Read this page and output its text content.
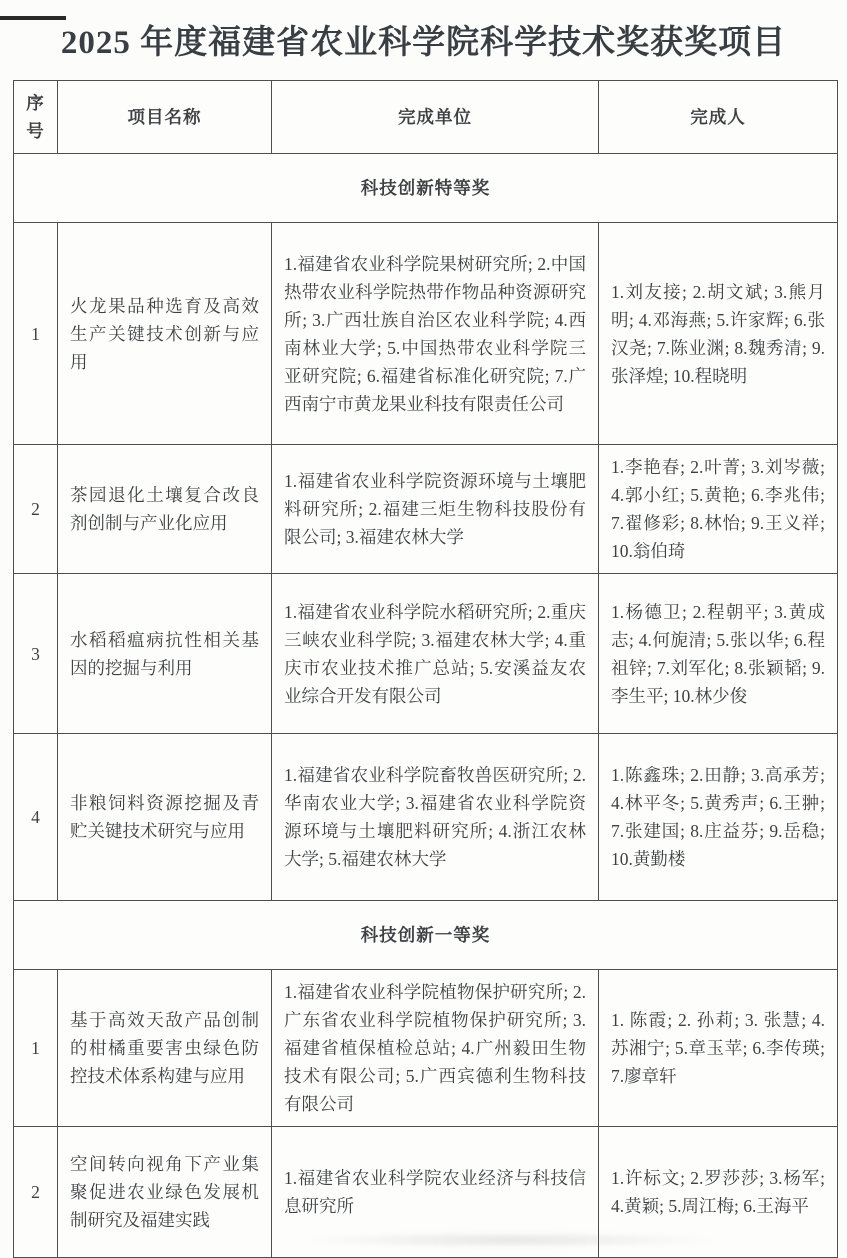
2025 年度福建省农业科学院科学技术奖获奖项目
序号	项目名称	完成单位	完成人
科技创新特等奖			
1	火龙果品种选育及高效生产关键技术创新与应用	1.福建省农业科学院果树研究所; 2.中国热带农业科学院热带作物品种资源研究所; 3.广西壮族自治区农业科学院; 4.西南林业大学; 5.中国热带农业科学院三亚研究院; 6.福建省标准化研究院; 7.广西南宁市黄龙果业科技有限责任公司	1.刘友接; 2.胡文斌; 3.熊月明; 4.邓海燕; 5.许家辉; 6.张汉尧; 7.陈业渊; 8.魏秀清; 9.张泽煌; 10.程晓明
2	茶园退化土壤复合改良剂创制与产业化应用	1.福建省农业科学院资源环境与土壤肥料研究所; 2.福建三炬生物科技股份有限公司; 3.福建农林大学	1.李艳春; 2.叶菁; 3.刘岑薇; 4.郭小红; 5.黄艳; 6.李兆伟; 7.翟修彩; 8.林怡; 9.王义祥; 10.翁伯琦
3	水稻稻瘟病抗性相关基因的挖掘与利用	1.福建省农业科学院水稻研究所; 2.重庆三峡农业科学院; 3.福建农林大学; 4.重庆市农业技术推广总站; 5.安溪益友农业综合开发有限公司	1.杨德卫; 2.程朝平; 3.黄成志; 4.何旎清; 5.张以华; 6.程祖锌; 7.刘军化; 8.张颖韬; 9.李生平; 10.林少俊
4	非粮饲料资源挖掘及青贮关键技术研究与应用	1.福建省农业科学院畜牧兽医研究所; 2.华南农业大学; 3.福建省农业科学院资源环境与土壤肥料研究所; 4.浙江农林大学; 5.福建农林大学	1.陈鑫珠; 2.田静; 3.高承芳; 4.林平冬; 5.黄秀声; 6.王翀; 7.张建国; 8.庄益芬; 9.岳稳; 10.黄勤楼
科技创新一等奖			
1	基于高效天敌产品创制的柑橘重要害虫绿色防控技术体系构建与应用	1.福建省农业科学院植物保护研究所; 2.广东省农业科学院植物保护研究所; 3.福建省植保植检总站; 4.广州毅田生物技术有限公司; 5.广西宾德利生物科技有限公司	1. 陈霞; 2. 孙莉; 3. 张慧; 4.苏湘宁; 5.章玉苹; 6.李传瑛; 7.廖章轩
2	空间转向视角下产业集聚促进农业绿色发展机制研究及福建实践	1.福建省农业科学院农业经济与科技信息研究所	1.许标文; 2.罗莎莎; 3.杨军; 4.黄颖; 5.周江梅; 6.王海平
